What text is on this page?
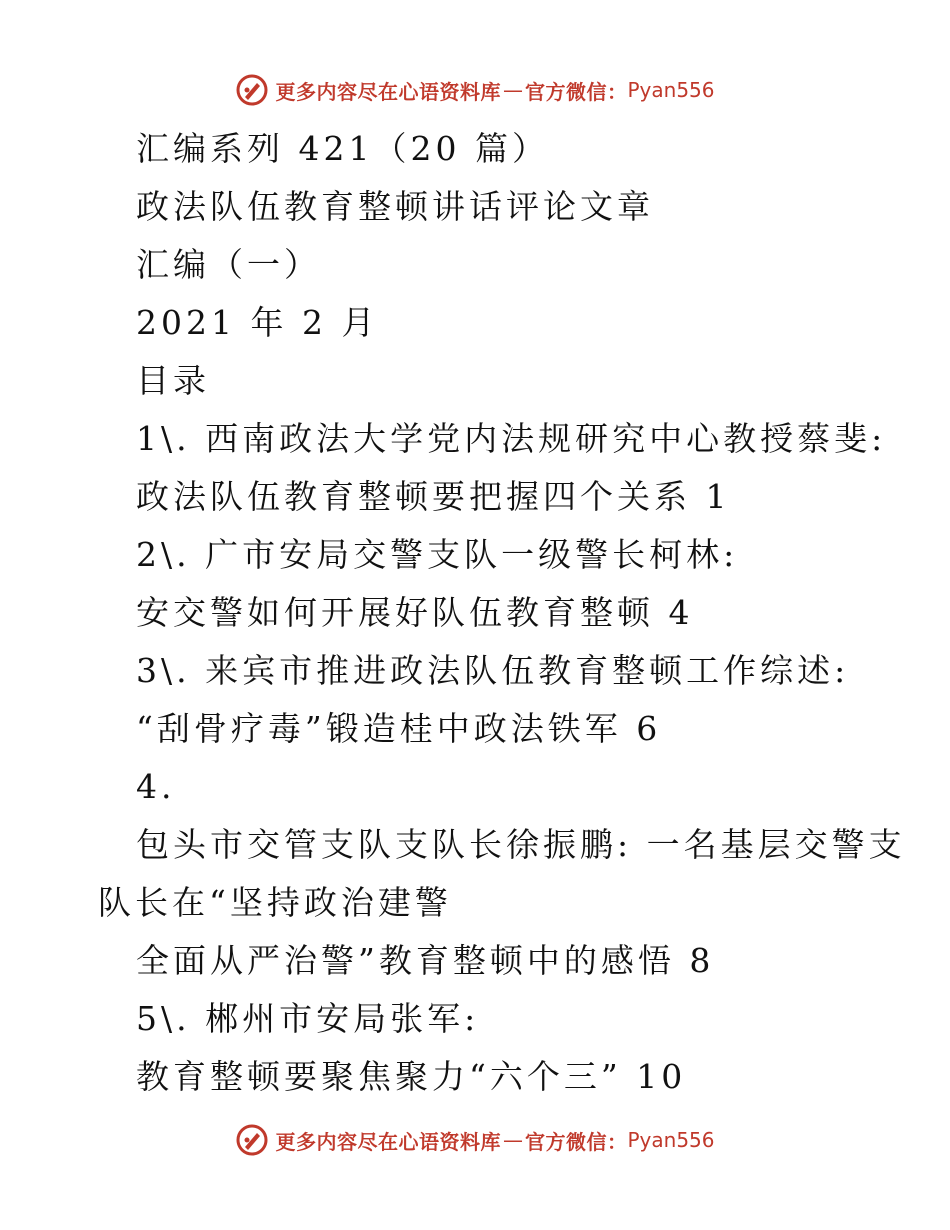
更多内容尽在心语资料库 — 官方微信： Pyan556
汇编系列 421（20 篇）
政法队伍教育整顿讲话评论文章
汇编（一）
2021 年 2 月
目录
1\. 西南政法大学党内法规研究中心教授蔡斐:
政法队伍教育整顿要把握四个关系 1
2\. 广市安局交警支队一级警长柯林:
安交警如何开展好队伍教育整顿 4
3\. 来宾市推进政法队伍教育整顿工作综述:
“刮骨疗毒”锻造桂中政法铁军 6
4.
包头市交管支队支队长徐振鹏: 一名基层交警支
队长在“坚持政治建警
全面从严治警”教育整顿中的感悟 8
5\. 郴州市安局张军:
教育整顿要聚焦聚力“六个三” 10
更多内容尽在心语资料库 — 官方微信： Pyan556
